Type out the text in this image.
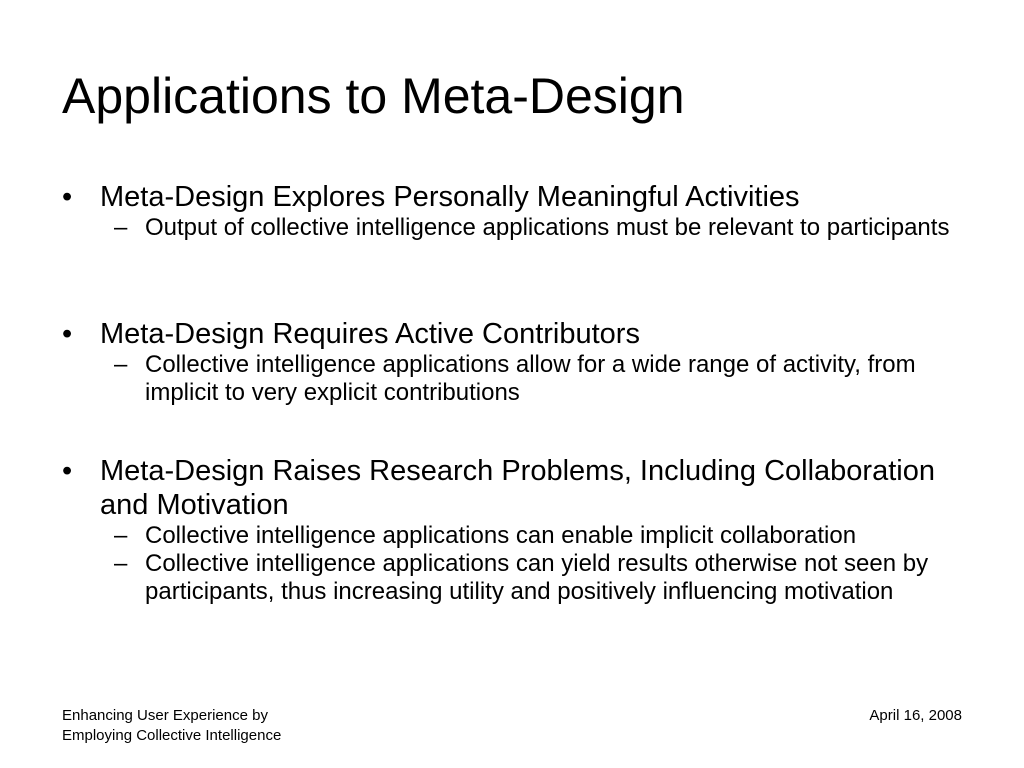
Applications to Meta-Design
• Meta-Design Explores Personally Meaningful Activities
– Output of collective intelligence applications must be relevant to participants
• Meta-Design Requires Active Contributors
– Collective intelligence applications allow for a wide range of activity, from implicit to very explicit contributions
• Meta-Design Raises Research Problems, Including Collaboration and Motivation
– Collective intelligence applications can enable implicit collaboration
– Collective intelligence applications can yield results otherwise not seen by participants, thus increasing utility and positively influencing motivation
Enhancing User Experience by
Employing Collective Intelligence
April 16, 2008
